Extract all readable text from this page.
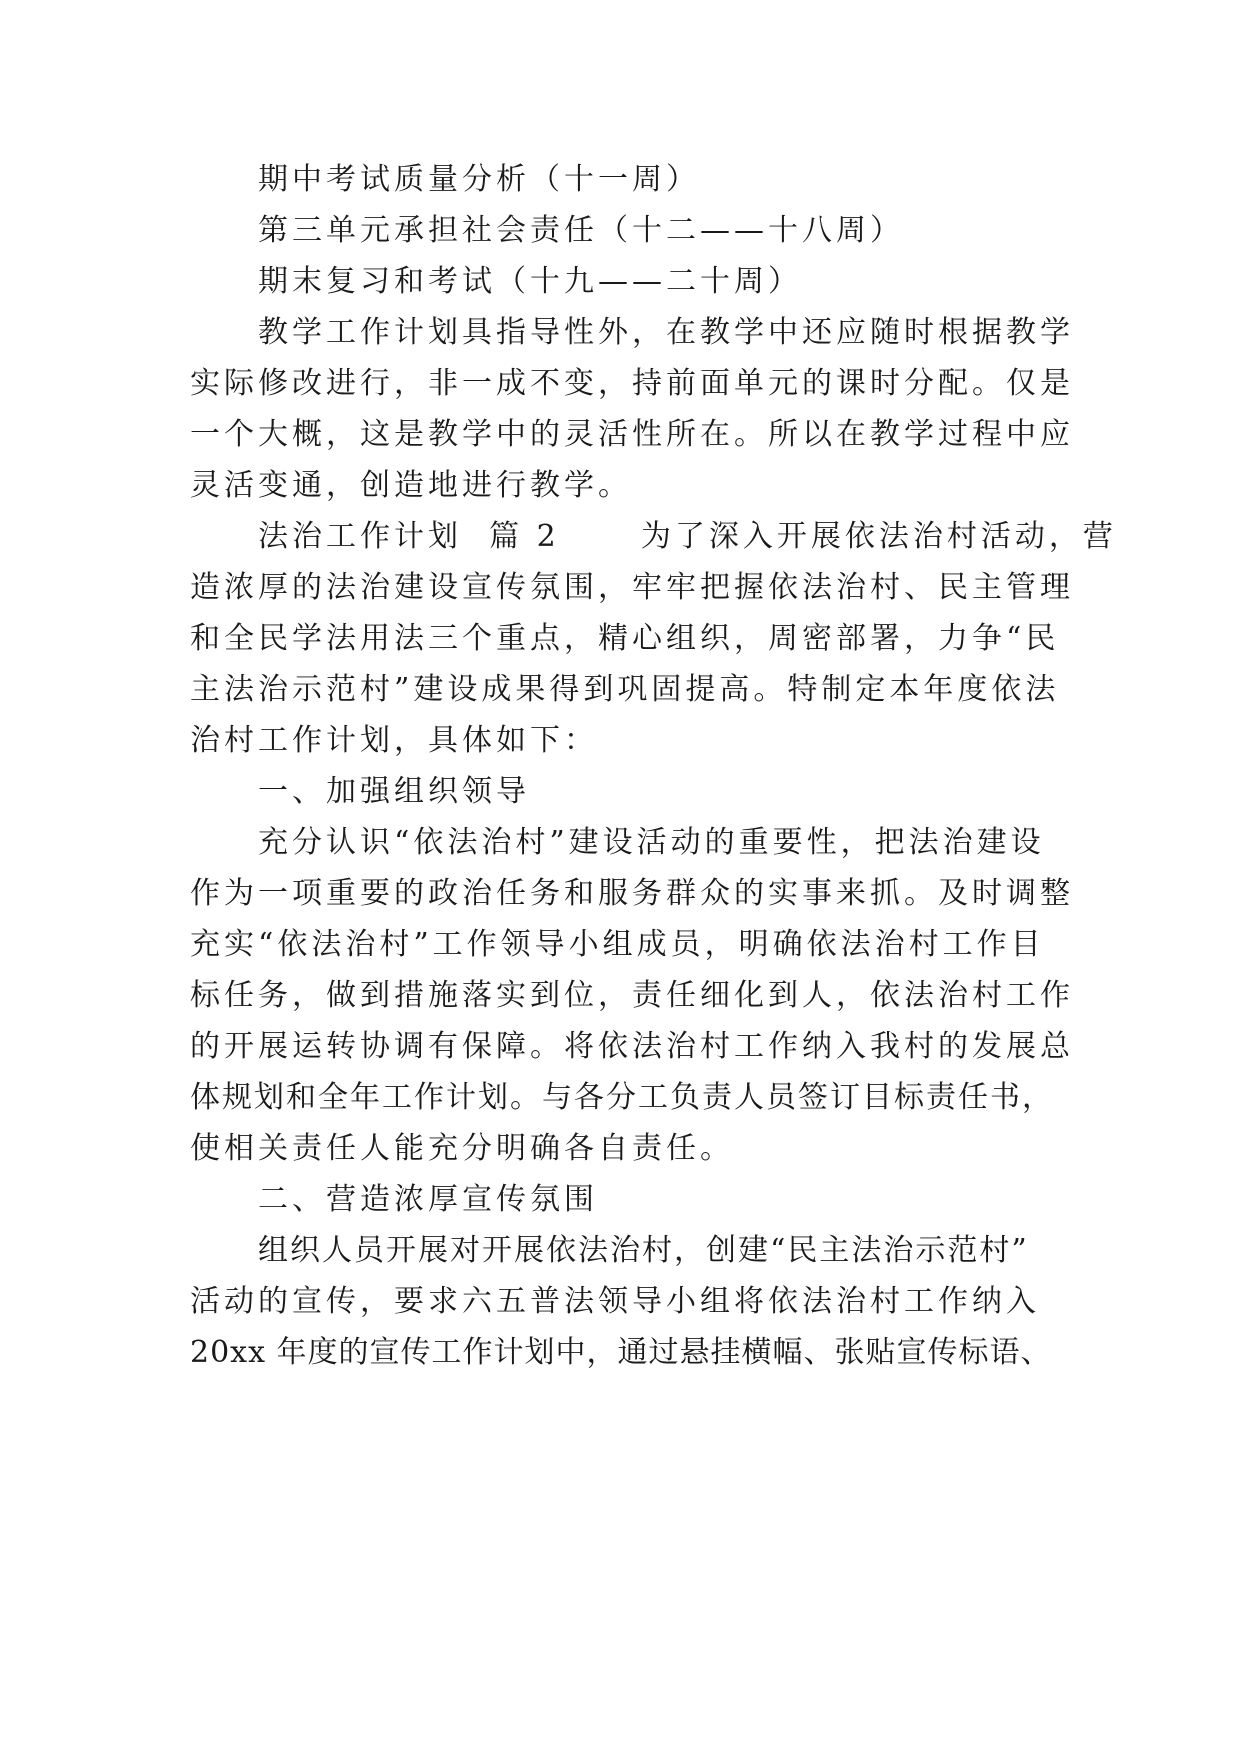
期中考试质量分析（十一周）
第三单元承担社会责任（十二——十八周）
期末复习和考试（十九——二十周）
教学工作计划具指导性外，在教学中还应随时根据教学
实际修改进行，非一成不变，持前面单元的课时分配。仅是
一个大概，这是教学中的灵活性所在。所以在教学过程中应
灵活变通，创造地进行教学。
法治工作计划  篇 2      为了深入开展依法治村活动，营
造浓厚的法治建设宣传氛围，牢牢把握依法治村、民主管理
和全民学法用法三个重点，精心组织，周密部署，力争“民
主法治示范村”建设成果得到巩固提高。特制定本年度依法
治村工作计划，具体如下：
一、加强组织领导
充分认识“依法治村”建设活动的重要性，把法治建设
作为一项重要的政治任务和服务群众的实事来抓。及时调整
充实“依法治村”工作领导小组成员，明确依法治村工作目
标任务，做到措施落实到位，责任细化到人，依法治村工作
的开展运转协调有保障。将依法治村工作纳入我村的发展总
体规划和全年工作计划。与各分工负责人员签订目标责任书，
使相关责任人能充分明确各自责任。
二、营造浓厚宣传氛围
组织人员开展对开展依法治村，创建“民主法治示范村”
活动的宣传，要求六五普法领导小组将依法治村工作纳入
20xx 年度的宣传工作计划中，通过悬挂横幅、张贴宣传标语、
